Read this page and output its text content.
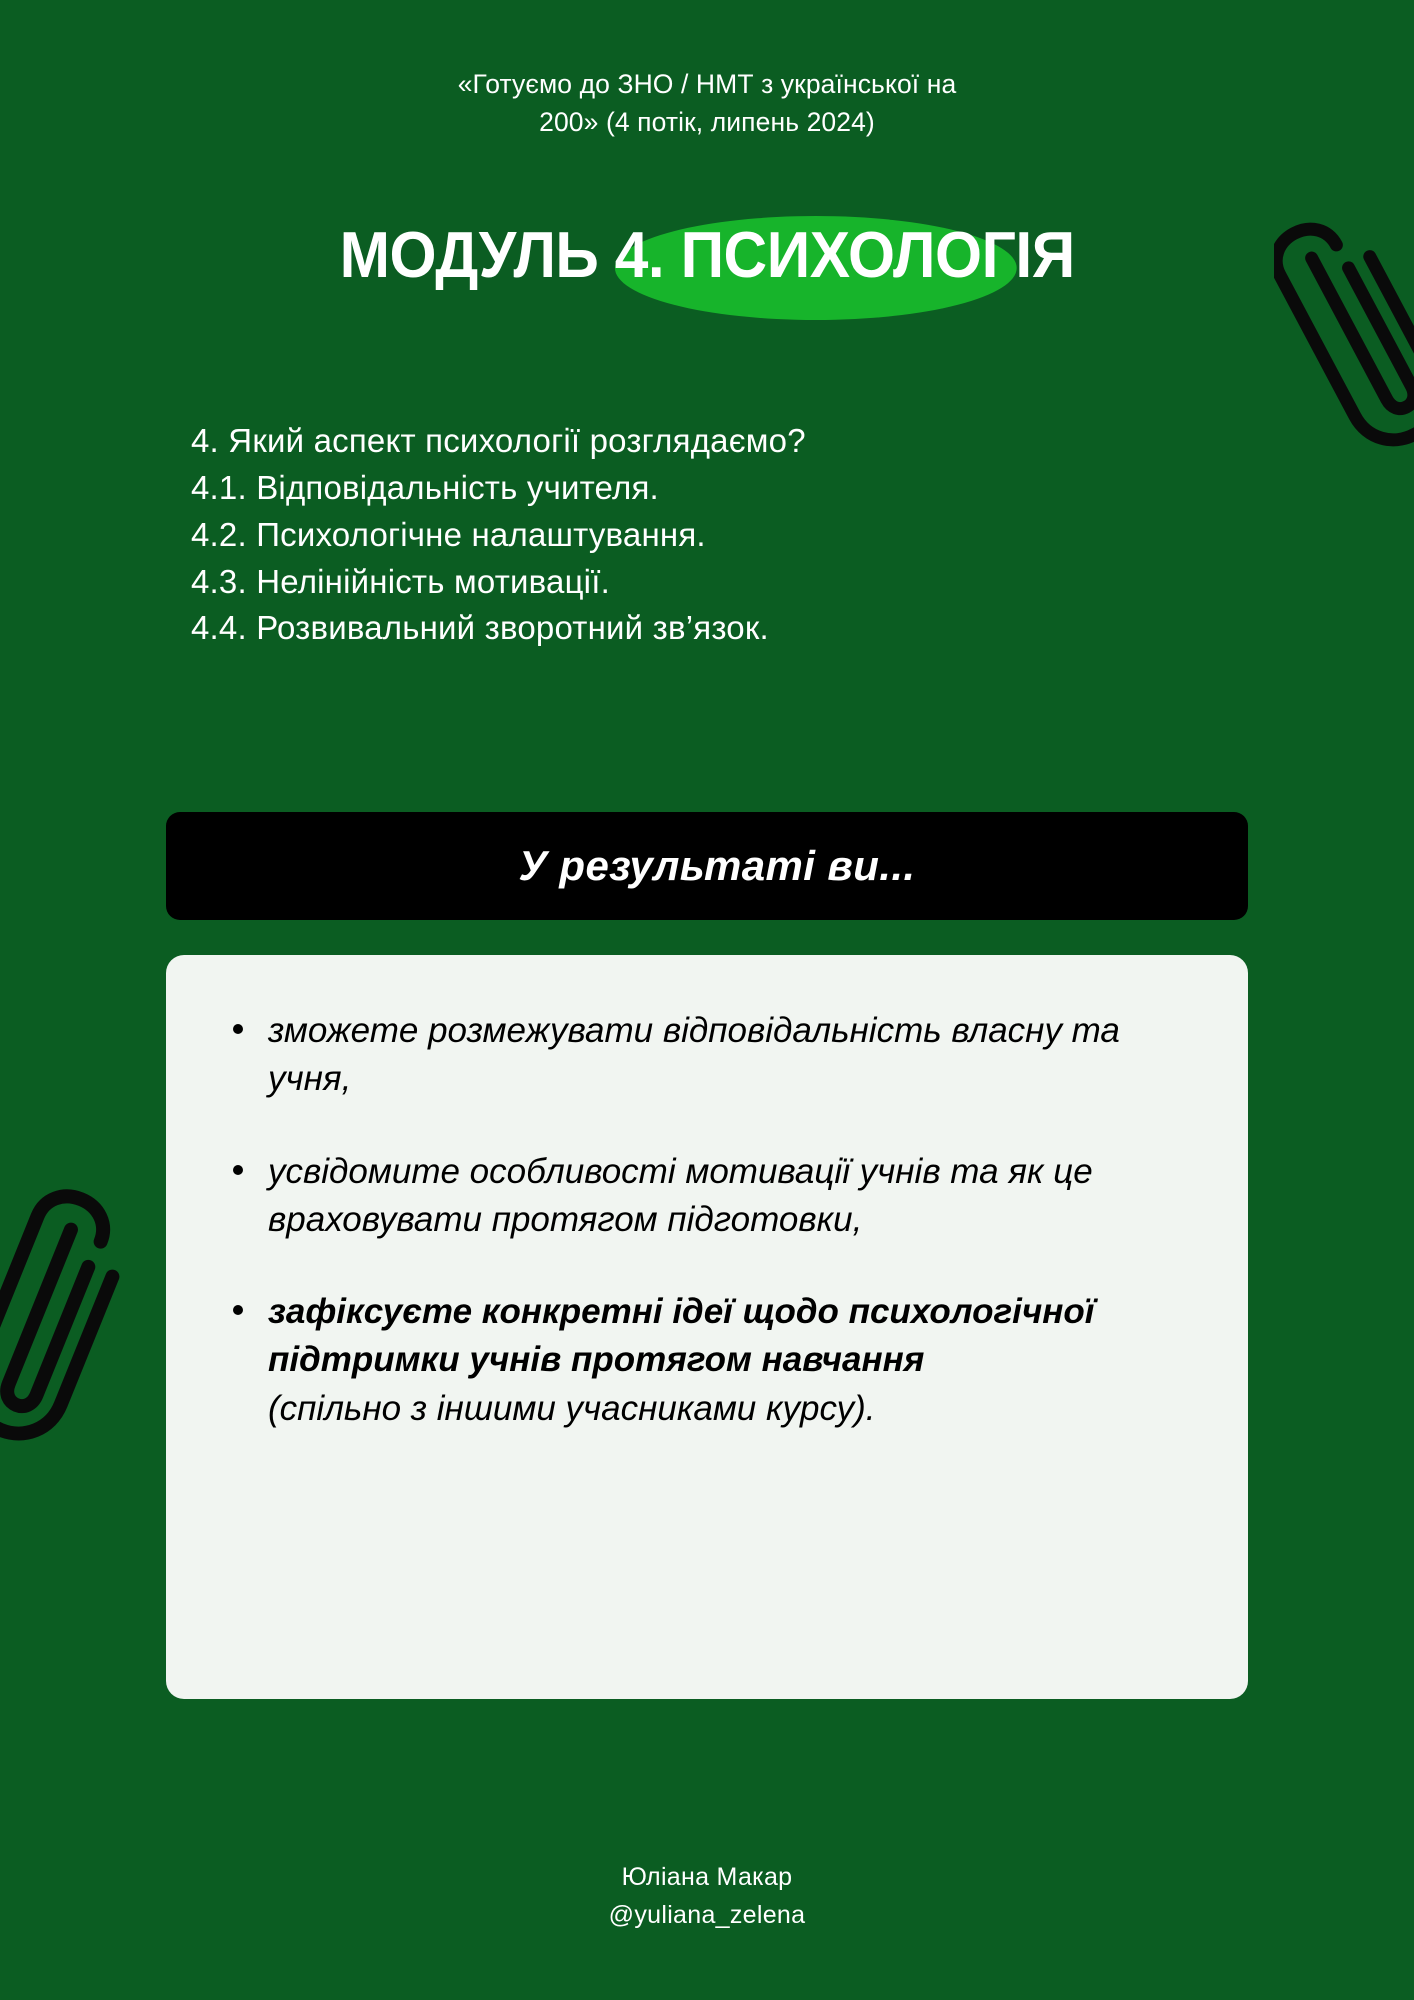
«Готуємо до ЗНО / НМТ з української на
200» (4 потік, липень 2024)
МОДУЛЬ 4. ПСИХОЛОГІЯ
4. Який аспект психології розглядаємо?
4.1. Відповідальність учителя.
4.2. Психологічне налаштування.
4.3. Нелінійність мотивації.
4.4. Розвивальний зворотний зв’язок.
У результаті ви...
зможете розмежувати відповідальність власну та учня,
усвідомите особливості мотивації учнів та як це враховувати протягом підготовки,
зафіксуєте конкретні ідеї щодо психологічної підтримки учнів протягом навчання
(спільно з іншими учасниками курсу).
Юліана Макар
@yuliana_zelena
